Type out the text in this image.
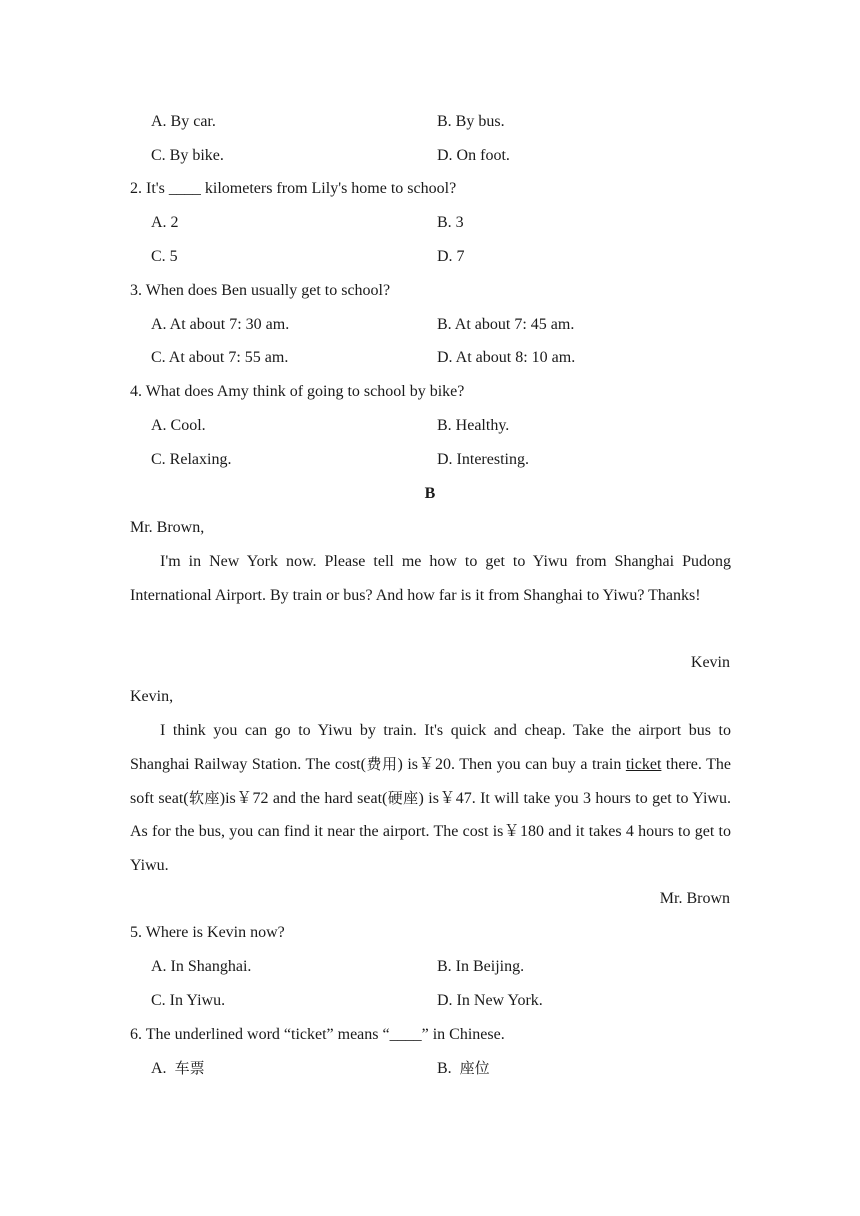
A. By car.	B. By bus.
C. By bike.	D. On foot.
2. It's ____ kilometers from Lily's home to school?
A. 2	B. 3
C. 5	D. 7
3. When does Ben usually get to school?
A. At about 7: 30 am.	B. At about 7: 45 am.
C. At about 7: 55 am.	D. At about 8: 10 am.
4. What does Amy think of going to school by bike?
A. Cool.	B. Healthy.
C. Relaxing.	D. Interesting.
B
Mr. Brown,
I'm in New York now. Please tell me how to get to Yiwu from Shanghai Pudong International Airport. By train or bus? And how far is it from Shanghai to Yiwu? Thanks!
Kevin
Kevin,
I think you can go to Yiwu by train. It's quick and cheap. Take the airport bus to Shanghai Railway Station. The cost(费用) is￥20. Then you can buy a train ticket there. The soft seat(软座)is￥72 and the hard seat(硬座) is￥47. It will take you 3 hours to get to Yiwu. As for the bus, you can find it near the airport. The cost is￥180 and it takes 4 hours to get to Yiwu.
Mr. Brown
5. Where is Kevin now?
A. In Shanghai.	B. In Beijing.
C. In Yiwu.	D. In New York.
6. The underlined word “ticket” means “____” in Chinese.
A.  车票	B.  座位
